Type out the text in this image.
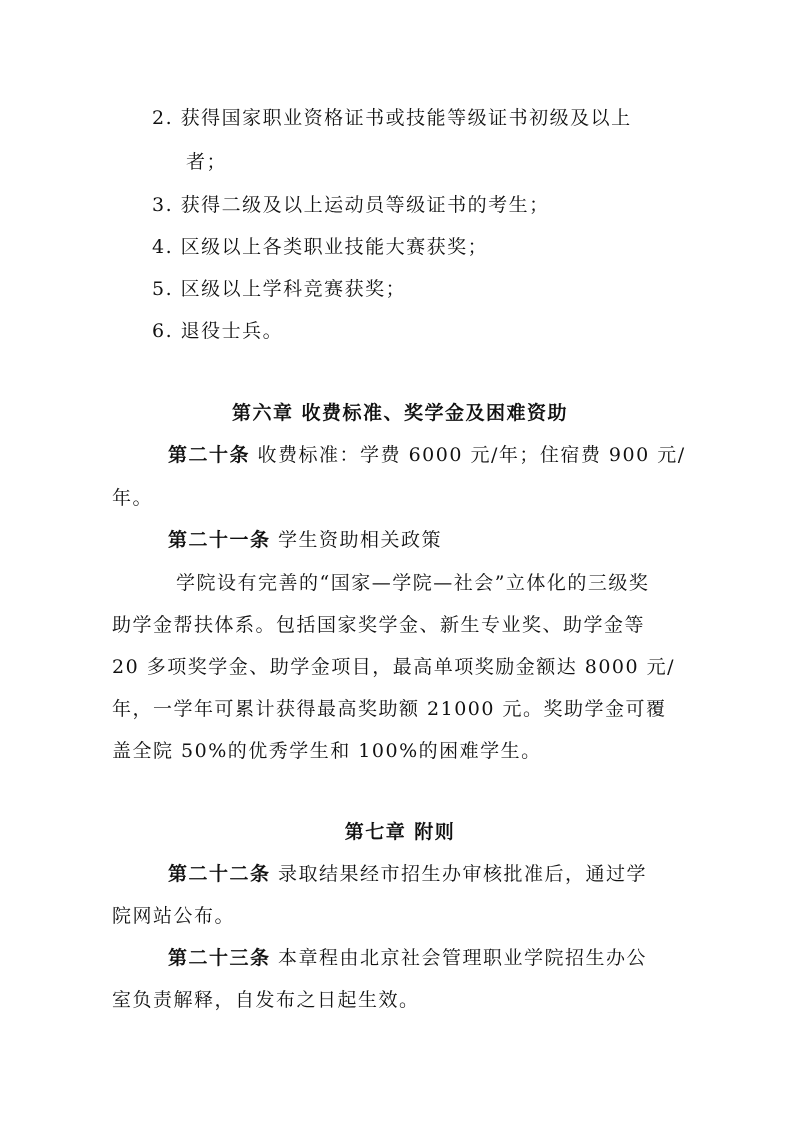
2. 获得国家职业资格证书或技能等级证书初级及以上
者；
3. 获得二级及以上运动员等级证书的考生；
4. 区级以上各类职业技能大赛获奖；
5. 区级以上学科竞赛获奖；
6. 退役士兵。
第六章 收费标准、奖学金及困难资助
第二十条 收费标准：学费 6000 元/年；住宿费 900 元/
年。
第二十一条 学生资助相关政策
学院设有完善的“国家—学院—社会”立体化的三级奖
助学金帮扶体系。包括国家奖学金、新生专业奖、助学金等
20 多项奖学金、助学金项目，最高单项奖励金额达 8000 元/
年，一学年可累计获得最高奖助额 21000 元。奖助学金可覆
盖全院 50%的优秀学生和 100%的困难学生。
第七章 附则
第二十二条 录取结果经市招生办审核批准后，通过学
院网站公布。
第二十三条 本章程由北京社会管理职业学院招生办公
室负责解释，自发布之日起生效。
